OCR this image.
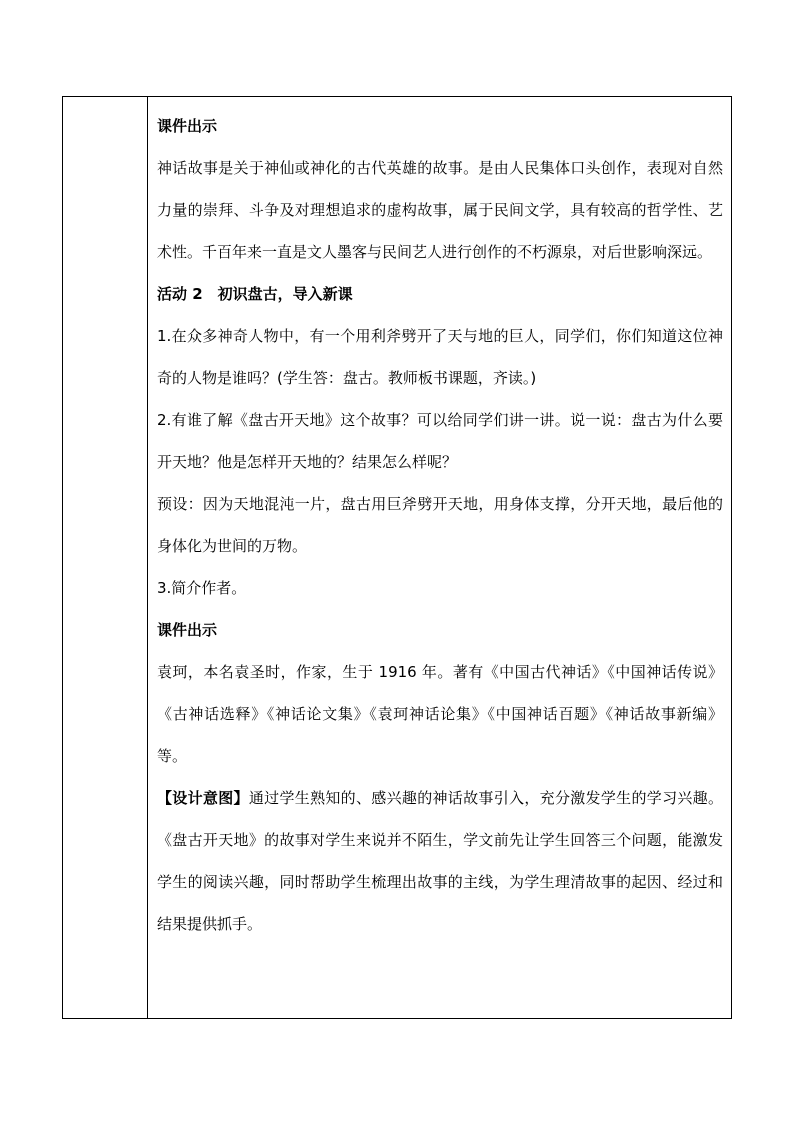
课件出示

神话故事是关于神仙或神化的古代英雄的故事。是由人民集体口头创作，表现对自然力量的崇拜、斗争及对理想追求的虚构故事，属于民间文学，具有较高的哲学性、艺术性。千百年来一直是文人墨客与民间艺人进行创作的不朽源泉，对后世影响深远。

活动 2　初识盘古，导入新课

1.在众多神奇人物中，有一个用利斧劈开了天与地的巨人，同学们，你们知道这位神奇的人物是谁吗？(学生答：盘古。教师板书课题，齐读。)

2.有谁了解《盘古开天地》这个故事？可以给同学们讲一讲。说一说：盘古为什么要开天地？他是怎样开天地的？结果怎么样呢？

预设：因为天地混沌一片，盘古用巨斧劈开天地，用身体支撑，分开天地，最后他的身体化为世间的万物。

3.简介作者。

课件出示

袁珂，本名袁圣时，作家，生于 1916 年。著有《中国古代神话》《中国神话传说》《古神话选释》《神话论文集》《袁珂神话论集》《中国神话百题》《神话故事新编》等。

【设计意图】通过学生熟知的、感兴趣的神话故事引入，充分激发学生的学习兴趣。《盘古开天地》的故事对学生来说并不陌生，学文前先让学生回答三个问题，能激发学生的阅读兴趣，同时帮助学生梳理出故事的主线，为学生理清故事的起因、经过和结果提供抓手。
